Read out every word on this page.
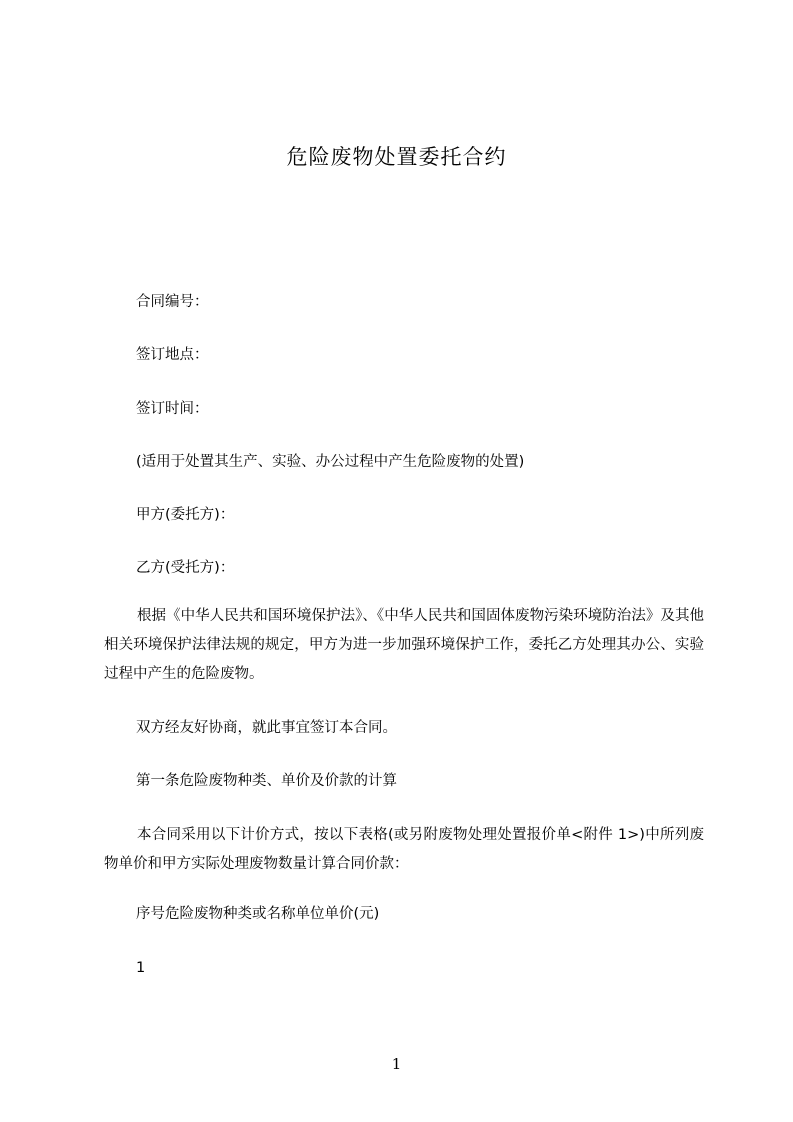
危险废物处置委托合约
合同编号：
签订地点：
签订时间：
(适用于处置其生产、实验、办公过程中产生危险废物的处置)
甲方(委托方)：
乙方(受托方)：
根据《中华人民共和国环境保护法》、《中华人民共和国固体废物污染环境防治法》及其他相关环境保护法律法规的规定，甲方为进一步加强环境保护工作，委托乙方处理其办公、实验过程中产生的危险废物。
双方经友好协商，就此事宜签订本合同。
第一条危险废物种类、单价及价款的计算
本合同采用以下计价方式，按以下表格(或另附废物处理处置报价单<附件 1>)中所列废物单价和甲方实际处理废物数量计算合同价款：
序号危险废物种类或名称单位单价(元)
1
1
